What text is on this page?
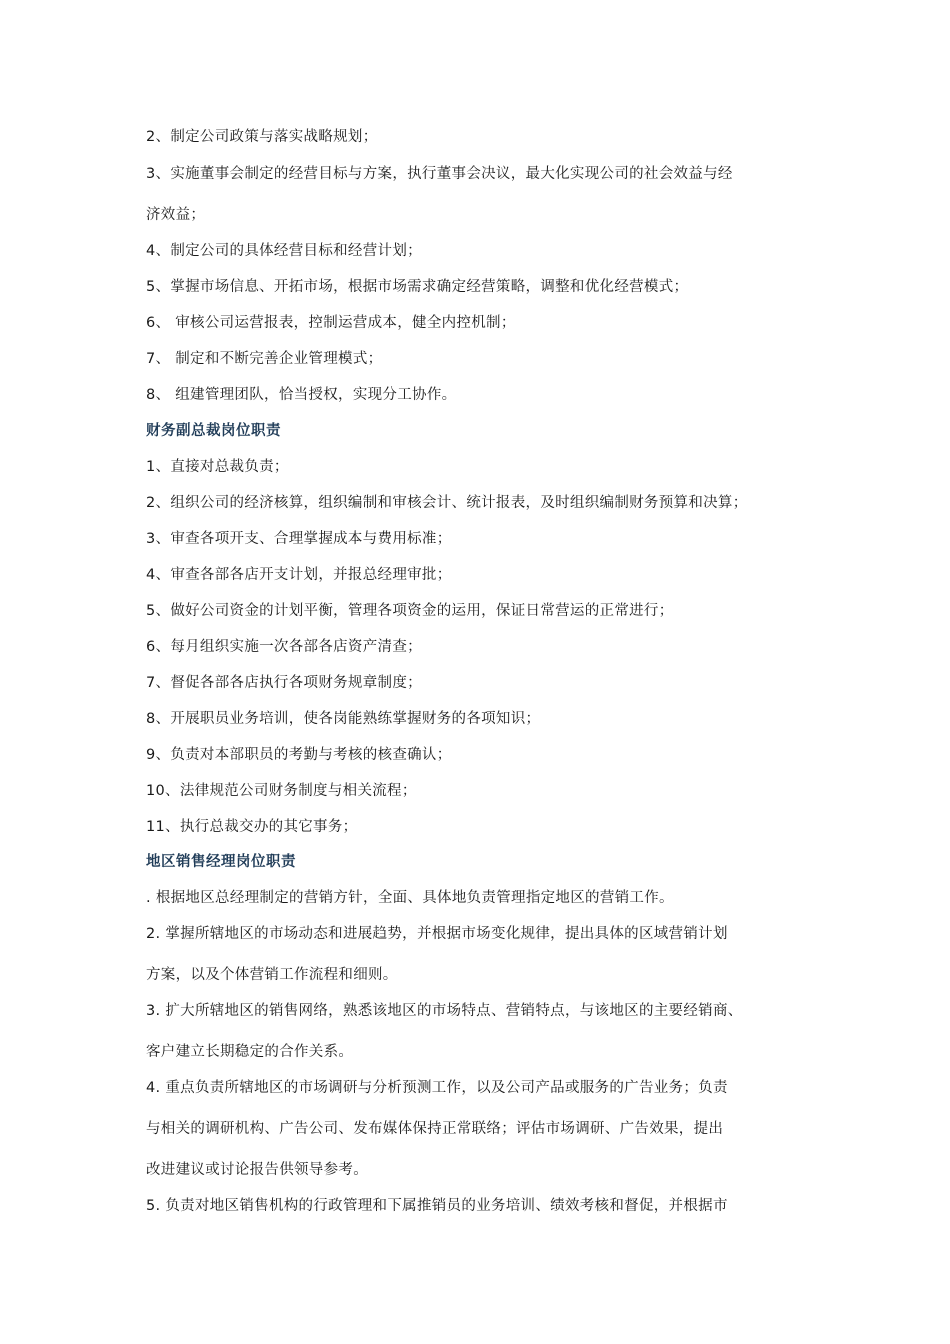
2、制定公司政策与落实战略规划；
3、实施董事会制定的经营目标与方案，执行董事会决议，最大化实现公司的社会效益与经
济效益；
4、制定公司的具体经营目标和经营计划；
5、掌握市场信息、开拓市场，根据市场需求确定经营策略，调整和优化经营模式；
6、 审核公司运营报表，控制运营成本，健全内控机制；
7、 制定和不断完善企业管理模式；
8、 组建管理团队，恰当授权，实现分工协作。
财务副总裁岗位职责
1、直接对总裁负责；
2、组织公司的经济核算，组织编制和审核会计、统计报表，及时组织编制财务预算和决算；
3、审查各项开支、合理掌握成本与费用标准；
4、审查各部各店开支计划，并报总经理审批；
5、做好公司资金的计划平衡，管理各项资金的运用，保证日常营运的正常进行；
6、每月组织实施一次各部各店资产清查；
7、督促各部各店执行各项财务规章制度；
8、开展职员业务培训，使各岗能熟练掌握财务的各项知识；
9、负责对本部职员的考勤与考核的核查确认；
10、法律规范公司财务制度与相关流程；
11、执行总裁交办的其它事务；
地区销售经理岗位职责
. 根据地区总经理制定的营销方针，全面、具体地负责管理指定地区的营销工作。
2. 掌握所辖地区的市场动态和进展趋势，并根据市场变化规律，提出具体的区域营销计划
方案，以及个体营销工作流程和细则。
3. 扩大所辖地区的销售网络，熟悉该地区的市场特点、营销特点，与该地区的主要经销商、
客户建立长期稳定的合作关系。
4. 重点负责所辖地区的市场调研与分析预测工作，以及公司产品或服务的广告业务；负责
与相关的调研机构、广告公司、发布媒体保持正常联络；评估市场调研、广告效果，提出
改进建议或讨论报告供领导参考。
5. 负责对地区销售机构的行政管理和下属推销员的业务培训、绩效考核和督促，并根据市
